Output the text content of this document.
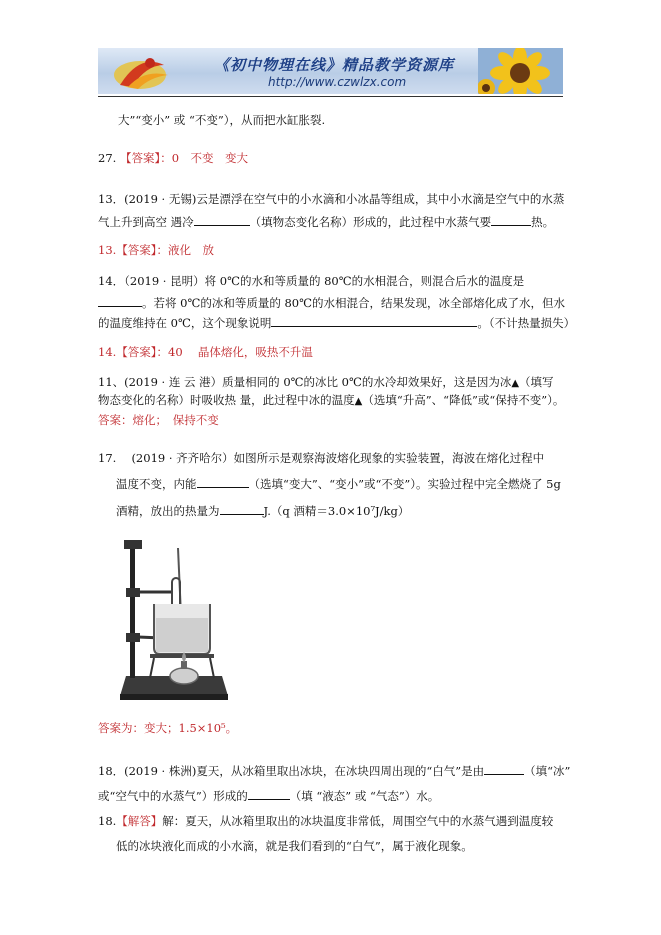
《初中物理在线》精品教学资源库
http://www.czwlzx.com
大”“变小” 或 “不变”），从而把水缸胀裂.
27. 【答案】：0　不变　变大
13．(2019 · 无锡)云是漂浮在空气中的小水滴和小冰晶等组成，其中小水滴是空气中的水蒸
气上升到高空 遇冷	（填物态变化名称）形成的，此过程中水蒸气要	热。
13.【答案】：液化　放
14．（2019 · 昆明）将 0℃的水和等质量的 80℃的水相混合，则混合后水的温度是
。若将 0℃的冰和等质量的 80℃的水相混合，结果发现，冰全部熔化成了水，但水
的温度维持在 0℃，这个现象说明	。（不计热量损失）
14.【答案】：40　 晶体熔化，吸热不升温
11、(2019 · 连 云 港）质量相同的 0℃的冰比 0℃的水冷却效果好，这是因为冰▲（填写
物态变化的名称）时吸收热 量，此过程中冰的温度▲（选填“升高”、“降低”或“保持不变”）。
答案：熔化；　保持不变
17.　 (2019 · 齐齐哈尔）如图所示是观察海波熔化现象的实验装置，海波在熔化过程中
温度不变，内能	（选填“变大”、“变小”或“不变”）。实验过程中完全燃烧了 5g
酒精，放出的热量为	J.（q 酒精＝3.0×10⁷J/kg）
答案为：变大；1.5×10⁵。
18．(2019 · 株洲)夏天，从冰箱里取出冰块，在冰块四周出现的“白气”是由	（填“冰”
或“空气中的水蒸气”）形成的	（填 “液态” 或 “气态”）水。
18.【解答】解：夏天，从冰箱里取出的冰块温度非常低，周围空气中的水蒸气遇到温度较
低的冰块液化而成的小水滴，就是我们看到的“白气”，属于液化现象。
